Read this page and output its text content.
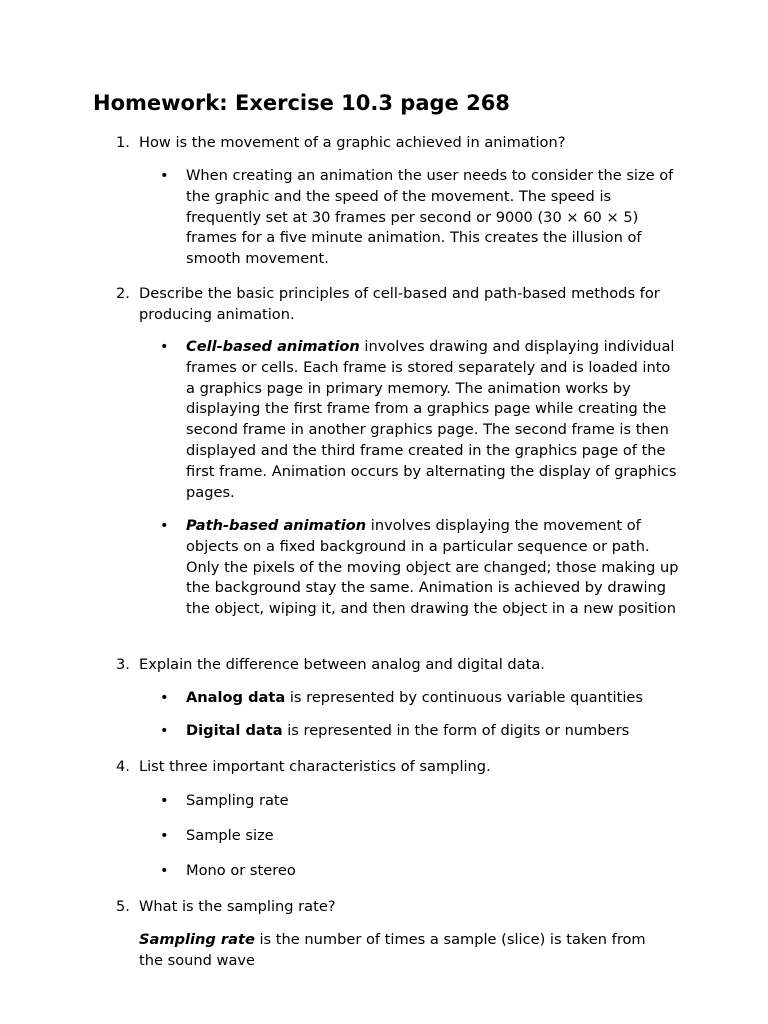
Homework: Exercise 10.3 page 268
1. How is the movement of a graphic achieved in animation?
•	When creating an animation the user needs to consider the size of the graphic and the speed of the movement. The speed is frequently set at 30 frames per second or 9000 (30 × 60 × 5) frames for a five minute animation. This creates the illusion of smooth movement.
2. Describe the basic principles of cell-based and path-based methods for producing animation.
•	Cell-based animation involves drawing and displaying individual frames or cells. Each frame is stored separately and is loaded into a graphics page in primary memory. The animation works by displaying the first frame from a graphics page while creating the second frame in another graphics page. The second frame is then displayed and the third frame created in the graphics page of the first frame. Animation occurs by alternating the display of graphics pages.
•	Path-based animation involves displaying the movement of objects on a fixed background in a particular sequence or path. Only the pixels of the moving object are changed; those making up the background stay the same. Animation is achieved by drawing the object, wiping it, and then drawing the object in a new position
3. Explain the difference between analog and digital data.
•	Analog data is represented by continuous variable quantities
•	Digital data is represented in the form of digits or numbers
4. List three important characteristics of sampling.
•	Sampling rate
•	Sample size
•	Mono or stereo
5.What is the sampling rate?
Sampling rate is the number of times a sample (slice) is taken from the sound wave
